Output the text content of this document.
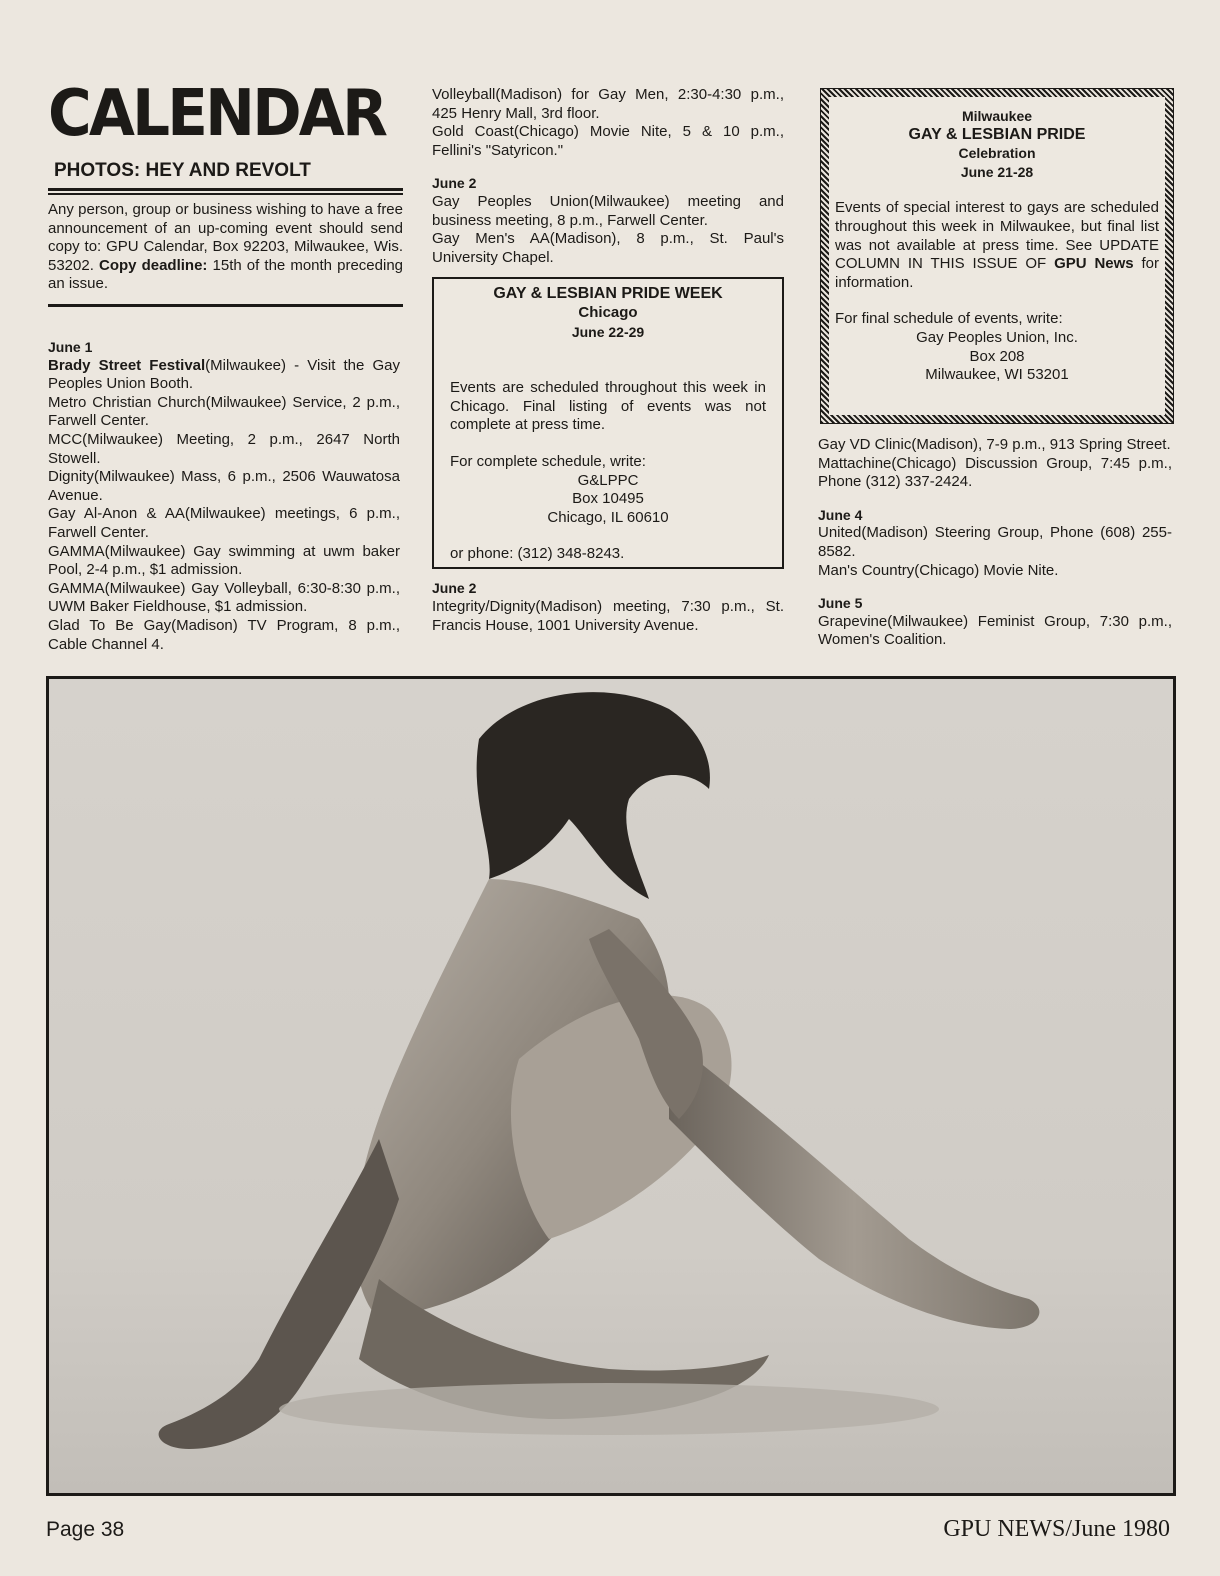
CALENDAR
PHOTOS: HEY AND REVOLT
Any person, group or business wishing to have a free announcement of an up-coming event should send copy to: GPU Calendar, Box 92203, Milwaukee, Wis. 53202. Copy deadline: 15th of the month preceding an issue.

June 1

Brady Street Festival(Milwaukee) - Visit the Gay Peoples Union Booth.

Metro Christian Church(Milwaukee) Service, 2 p.m., Farwell Center.

MCC(Milwaukee) Meeting, 2 p.m., 2647 North Stowell.

Dignity(Milwaukee) Mass, 6 p.m., 2506 Wauwatosa Avenue.

Gay Al-Anon & AA(Milwaukee) meetings, 6 p.m., Farwell Center.

GAMMA(Milwaukee) Gay swimming at uwm baker Pool, 2-4 p.m., $1 admission.

GAMMA(Milwaukee) Gay Volleyball, 6:30-8:30 p.m., UWM Baker Fieldhouse, $1 admission.

Glad To Be Gay(Madison) TV Program, 8 p.m., Cable Channel 4.

Volleyball(Madison) for Gay Men, 2:30-4:30 p.m., 425 Henry Mall, 3rd floor.

Gold Coast(Chicago) Movie Nite, 5 & 10 p.m., Fellini's "Satyricon."

June 2

Gay Peoples Union(Milwaukee) meeting and business meeting, 8 p.m., Farwell Center.

Gay Men's AA(Madison), 8 p.m., St. Paul's University Chapel.

GAY & LESBIAN PRIDE WEEK
Chicago
June 22-29
Events are scheduled throughout this week in Chicago. Final listing of events was not complete at press time.
For complete schedule, write:
G&LPPC
Box 10495
Chicago, IL 60610
or phone: (312) 348-8243.

June 2

Integrity/Dignity(Madison) meeting, 7:30 p.m., St. Francis House, 1001 University Avenue.

Milwaukee
GAY & LESBIAN PRIDE
Celebration
June 21-28
Events of special interest to gays are scheduled throughout this week in Milwaukee, but final list was not available at press time. See UPDATE COLUMN IN THIS ISSUE OF GPU News for information.
For final schedule of events, write:
Gay Peoples Union, Inc.
Box 208
Milwaukee, WI 53201

Gay VD Clinic(Madison), 7-9 p.m., 913 Spring Street.

Mattachine(Chicago) Discussion Group, 7:45 p.m., Phone (312) 337-2424.

June 4

United(Madison) Steering Group, Phone (608) 255-8582.

Man's Country(Chicago) Movie Nite.

June 5

Grapevine(Milwaukee) Feminist Group, 7:30 p.m., Women's Coalition.

Page 38	GPU NEWS/June 1980
